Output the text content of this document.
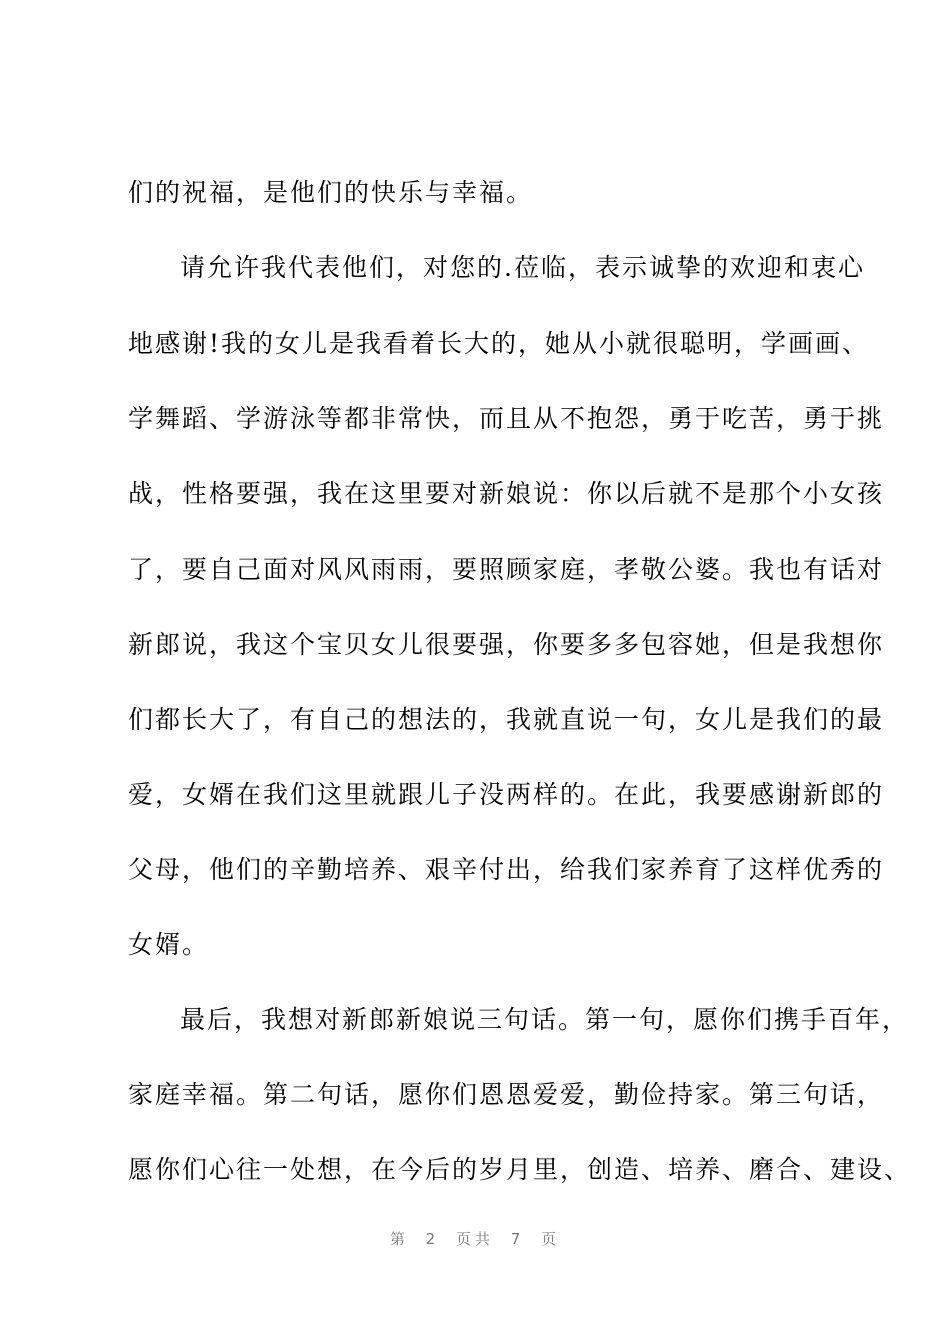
们的祝福，是他们的快乐与幸福。
请允许我代表他们，对您的.莅临，表示诚挚的欢迎和衷心
地感谢!我的女儿是我看着长大的，她从小就很聪明，学画画、
学舞蹈、学游泳等都非常快，而且从不抱怨，勇于吃苦，勇于挑
战，性格要强，我在这里要对新娘说：你以后就不是那个小女孩
了，要自己面对风风雨雨，要照顾家庭，孝敬公婆。我也有话对
新郎说，我这个宝贝女儿很要强，你要多多包容她，但是我想你
们都长大了，有自己的想法的，我就直说一句，女儿是我们的最
爱，女婿在我们这里就跟儿子没两样的。在此，我要感谢新郎的
父母，他们的辛勤培养、艰辛付出，给我们家养育了这样优秀的
女婿。
最后，我想对新郎新娘说三句话。第一句，愿你们携手百年，
家庭幸福。第二句话，愿你们恩恩爱爱，勤俭持家。第三句话，
愿你们心往一处想，在今后的岁月里，创造、培养、磨合、建设、
第 2 页共 7 页
